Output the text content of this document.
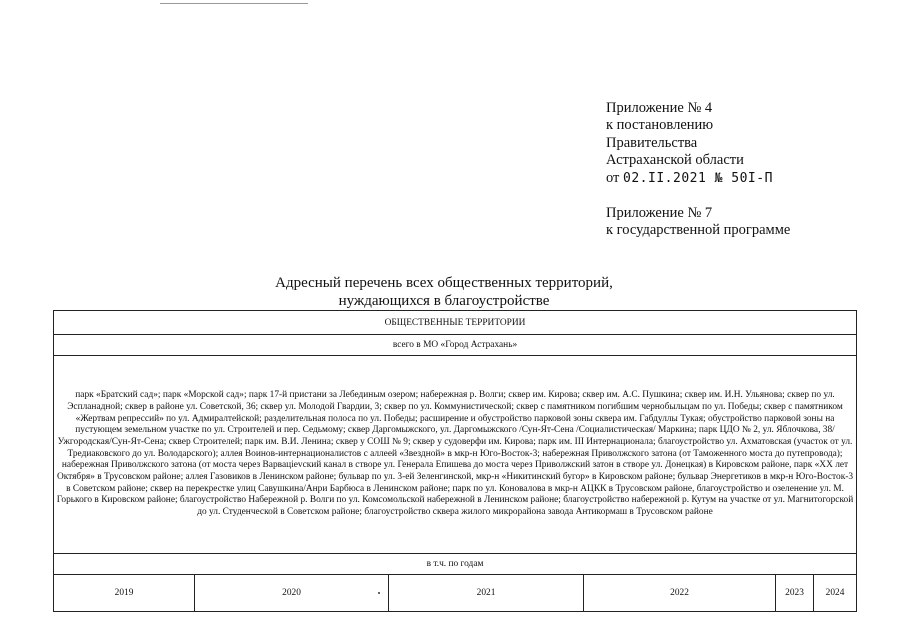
Приложение № 4
к постановлению
Правительства
Астраханской области
от 02.II.2021 № 50I-П
Приложение № 7
к государственной программе
Адресный перечень всех общественных территорий,
нуждающихся в благоустройстве
ОБЩЕСТВЕННЫЕ ТЕРРИТОРИИ
всего в МО «Город Астрахань»
парк «Братский сад»; парк «Морской сад»; парк 17-й пристани за Лебединым озером; набережная р. Волги; сквер им. Кирова; сквер им. А.С. Пушкина; сквер им. И.Н. Ульянова; сквер по ул. Эспланадной; сквер в районе ул. Советской, 36; сквер ул. Молодой Гвардии, 3; сквер по ул. Коммунистической; сквер с памятником погибшим чернобыльцам по ул. Победы; сквер с памятником «Жертвам репрессий» по ул. Адмиралтейской; разделительная полоса по ул. Победы; расширение и обустройство парковой зоны сквера им. Габдуллы Тукая; обустройство парковой зоны на пустующем земельном участке по ул. Строителей и пер. Седьмому; сквер Даргомыжского, ул. Даргомыжского /Сун-Ят-Сена /Социалистическая/ Маркина; парк ЦДО № 2, ул. Яблочкова, 38/ Ужгородская/Сун-Ят-Сена; сквер Строителей; парк им. В.И. Ленина; сквер у СОШ № 9; сквер у судоверфи им. Кирова; парк им. III Интернационала; благоустройство ул. Ахматовская (участок от ул. Тредиаковского до ул. Володарского); аллея Воинов-интернационалистов с аллеей «Звездной» в мкр-н Юго-Восток-3; набережная Приволжского затона (от Таможенного моста до путепровода); набережная Приволжского затона (от моста через Варвацievский канал в створе ул. Генерала Епишева до моста через Приволжский затон в створе ул. Донецкая) в Кировском районе, парк «XX лет Октября» в Трусовском районе; аллея Газовиков в Ленинском районе; бульвар по ул. 3-ей Зеленгинской, мкр-н «Никитинский бугор» в Кировском районе; бульвар Энергетиков в мкр-н Юго-Восток-3 в Советском районе; сквер на перекрестке улиц Савушкина/Анри Барбюса в Ленинском районе; парк по ул. Коновалова в мкр-н АЦКК в Трусовском районе, благоустройство и озеленение ул. М. Горького в Кировском районе; благоустройство Набережной р. Волги по ул. Комсомольской набережной в Ленинском районе; благоустройство набережной р. Кутум на участке от ул. Магнитогорской до ул. Студенческой в Советском районе; благоустройство сквера жилого микрорайона завода Антикормаш в Трусовском районе
в т.ч. по годам
2019	2020	2021	2022	2023	2024
